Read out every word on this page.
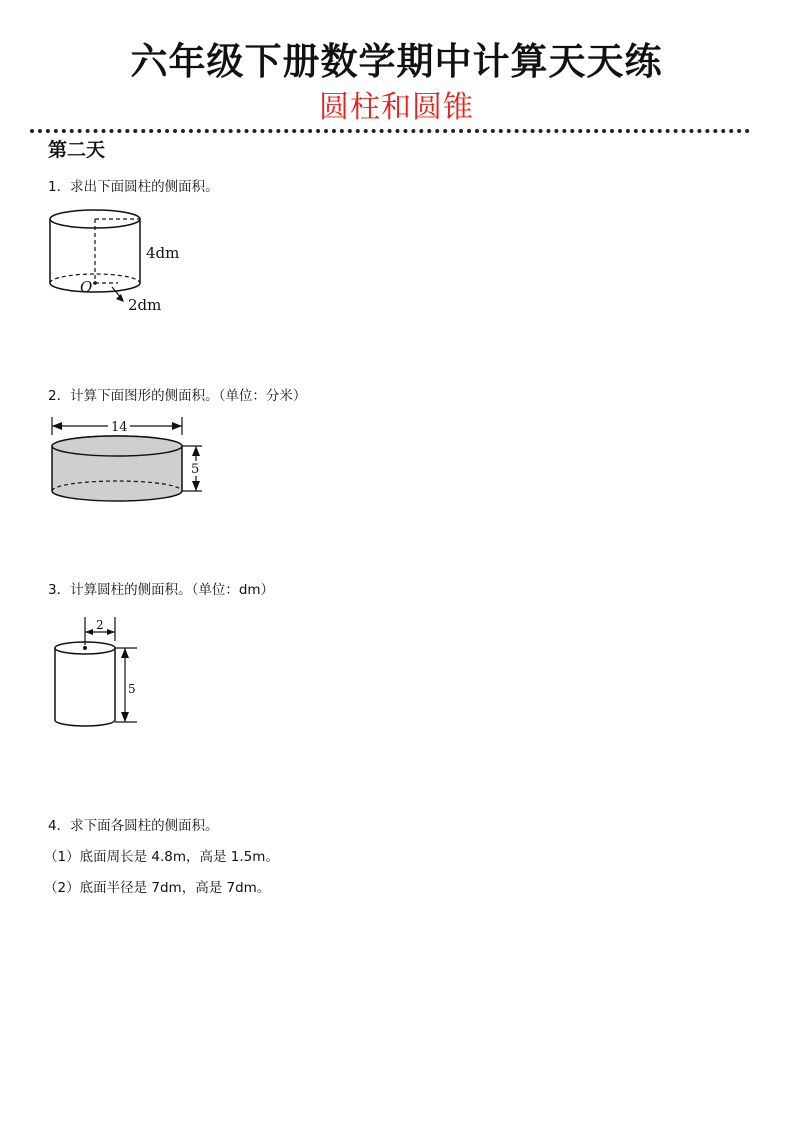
六年级下册数学期中计算天天练
圆柱和圆锥
第二天
1．求出下面圆柱的侧面积。
4dm
O
2dm
2．计算下面图形的侧面积。（单位：分米）
14
5
3．计算圆柱的侧面积。（单位：dm）
2
5
4．求下面各圆柱的侧面积。
（1）底面周长是 4.8m，高是 1.5m。
（2）底面半径是 7dm，高是 7dm。
